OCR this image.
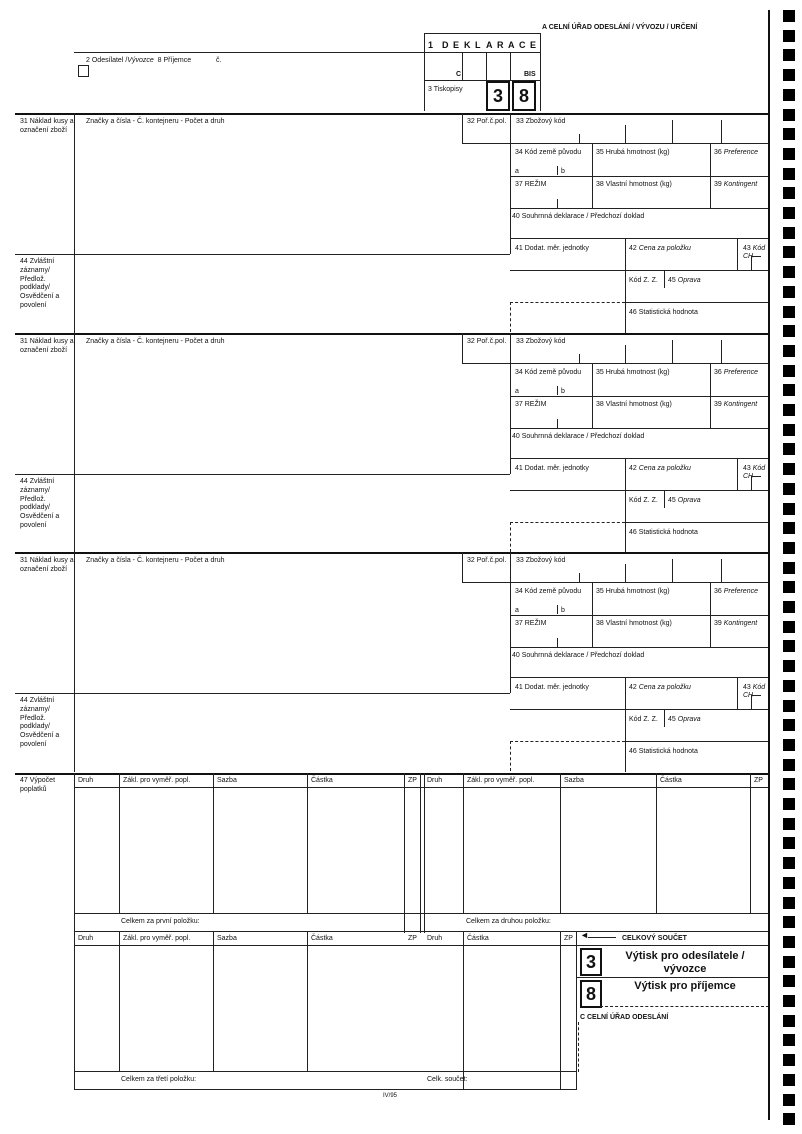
A CELNÍ ÚŘAD ODESLÁNÍ / VÝVOZU / URČENÍ
1 D E K L A R A C E
C	BIS
2 Odesílatel /Vývozce 8 Příjemce	č.
3 Tiskopisy	3 8
31 Náklad kusy a označení zboží
Značky a čísla - Č. kontejneru - Počet a druh	32 Poř.č.pol. 33 Zbožový kód
34 Kód země původu
a	b
35 Hrubá hmotnost (kg)	36 Preference
37 REŽIM	38 Vlastní hmotnost (kg)	39 Kontingent
40 Souhrnná deklarace / Předchozí doklad
41 Dodat. měr. jednotky	42 Cena za položku	43 Kód CH
44 Zvláštní záznamy/ Předlož. podklady/ Osvědčení a povolení
Kód Z. Z. 45 Oprava
46 Statistická hodnota
31 Náklad kusy a označení zboží
Značky a čísla - Č. kontejneru - Počet a druh	32 Poř.č.pol. 33 Zbožový kód
34 Kód země původu
a	b
35 Hrubá hmotnost (kg)	36 Preference
37 REŽIM	38 Vlastní hmotnost (kg)	39 Kontingent
40 Souhrnná deklarace / Předchozí doklad
41 Dodat. měr. jednotky	42 Cena za položku	43 Kód CH
44 Zvláštní záznamy/ Předlož. podklady/ Osvědčení a povolení
Kód Z. Z. 45 Oprava
46 Statistická hodnota
31 Náklad kusy a označení zboží
Značky a čísla - Č. kontejneru - Počet a druh	32 Poř.č.pol. 33 Zbožový kód
34 Kód země původu
a	b
35 Hrubá hmotnost (kg)	36 Preference
37 REŽIM	38 Vlastní hmotnost (kg)	39 Kontingent
40 Souhrnná deklarace / Předchozí doklad
41 Dodat. měr. jednotky	42 Cena za položku	43 Kód CH
44 Zvláštní záznamy/ Předlož. podklady/ Osvědčení a povolení
Kód Z. Z. 45 Oprava
46 Statistická hodnota
47 Výpočet poplatků
Druh	Zákl. pro vyměř. popl.	Sazba	Částka	ZP Druh	Zákl. pro vyměř. popl.	Sazba	Částka	ZP
Celkem za první položku:	Celkem za druhou položku:
Druh	Zákl. pro vyměř. popl.	Sazba	Částka	ZP Druh	Částka	ZP
Celkem za třetí položku:	Celk. součet:
◄	CELKOVÝ SOUČET
3	Výtisk pro odesílatele / vývozce
8	Výtisk pro příjemce
C CELNÍ ÚŘAD ODESLÁNÍ
IV/95
